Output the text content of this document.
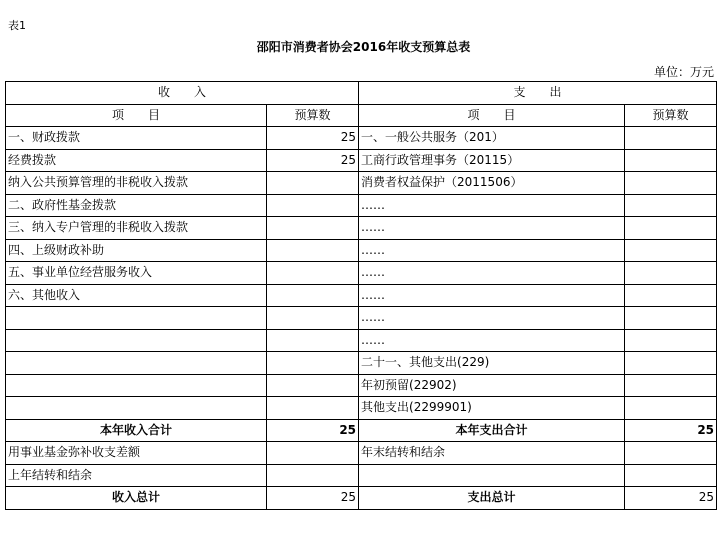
表1
邵阳市消费者协会2016年收支预算总表
单位：万元
收　　入		支　　出	
项　　目	预算数	项　　目	预算数
一、财政拨款	25	一、一般公共服务（201）	
经费拨款	25	工商行政管理事务（20115）	
纳入公共预算管理的非税收入拨款		消费者权益保护（2011506）	
二、政府性基金拨款		……	
三、纳入专户管理的非税收入拨款		……	
四、上级财政补助		……	
五、事业单位经营服务收入		……	
六、其他收入		……	
		……	
		……	
		二十一、其他支出(229)	
		年初预留(22902)	
		其他支出(2299901)	
本年收入合计	25	本年支出合计	25
用事业基金弥补收支差额		年末结转和结余	
上年结转和结余			
收入总计	25	支出总计	25
